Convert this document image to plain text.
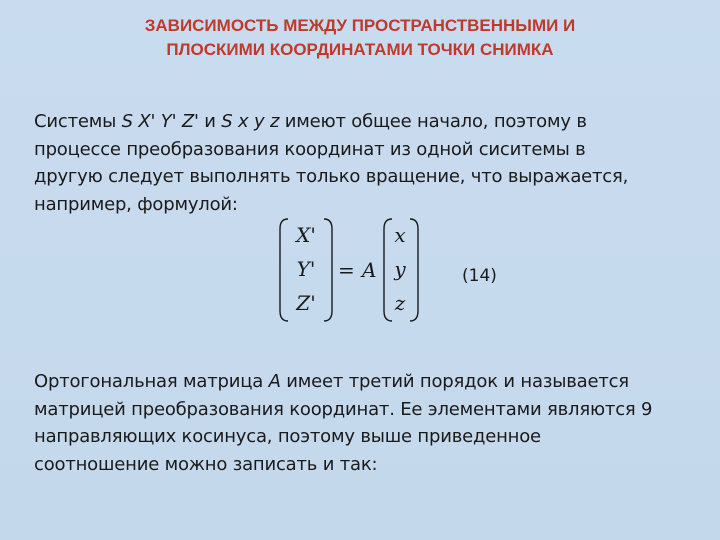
ЗАВИСИМОСТЬ МЕЖДУ ПРОСТРАНСТВЕННЫМИ И
ПЛОСКИМИ КООРДИНАТАМИ ТОЧКИ СНИМКА
Системы S X' Y' Z' и S x y z имеют общее начало, поэтому в
процессе преобразования координат из одной сиситемы в
другую следует выполнять только вращение, что выражается,
например, формулой:
X'
Y'
Z'
= A
x
y
z
(14)
Ортогональная матрица A имеет третий порядок и называется
матрицей преобразования координат. Ее элементами являются 9
направляющих косинуса, поэтому выше приведенное
соотношение можно записать и так:
